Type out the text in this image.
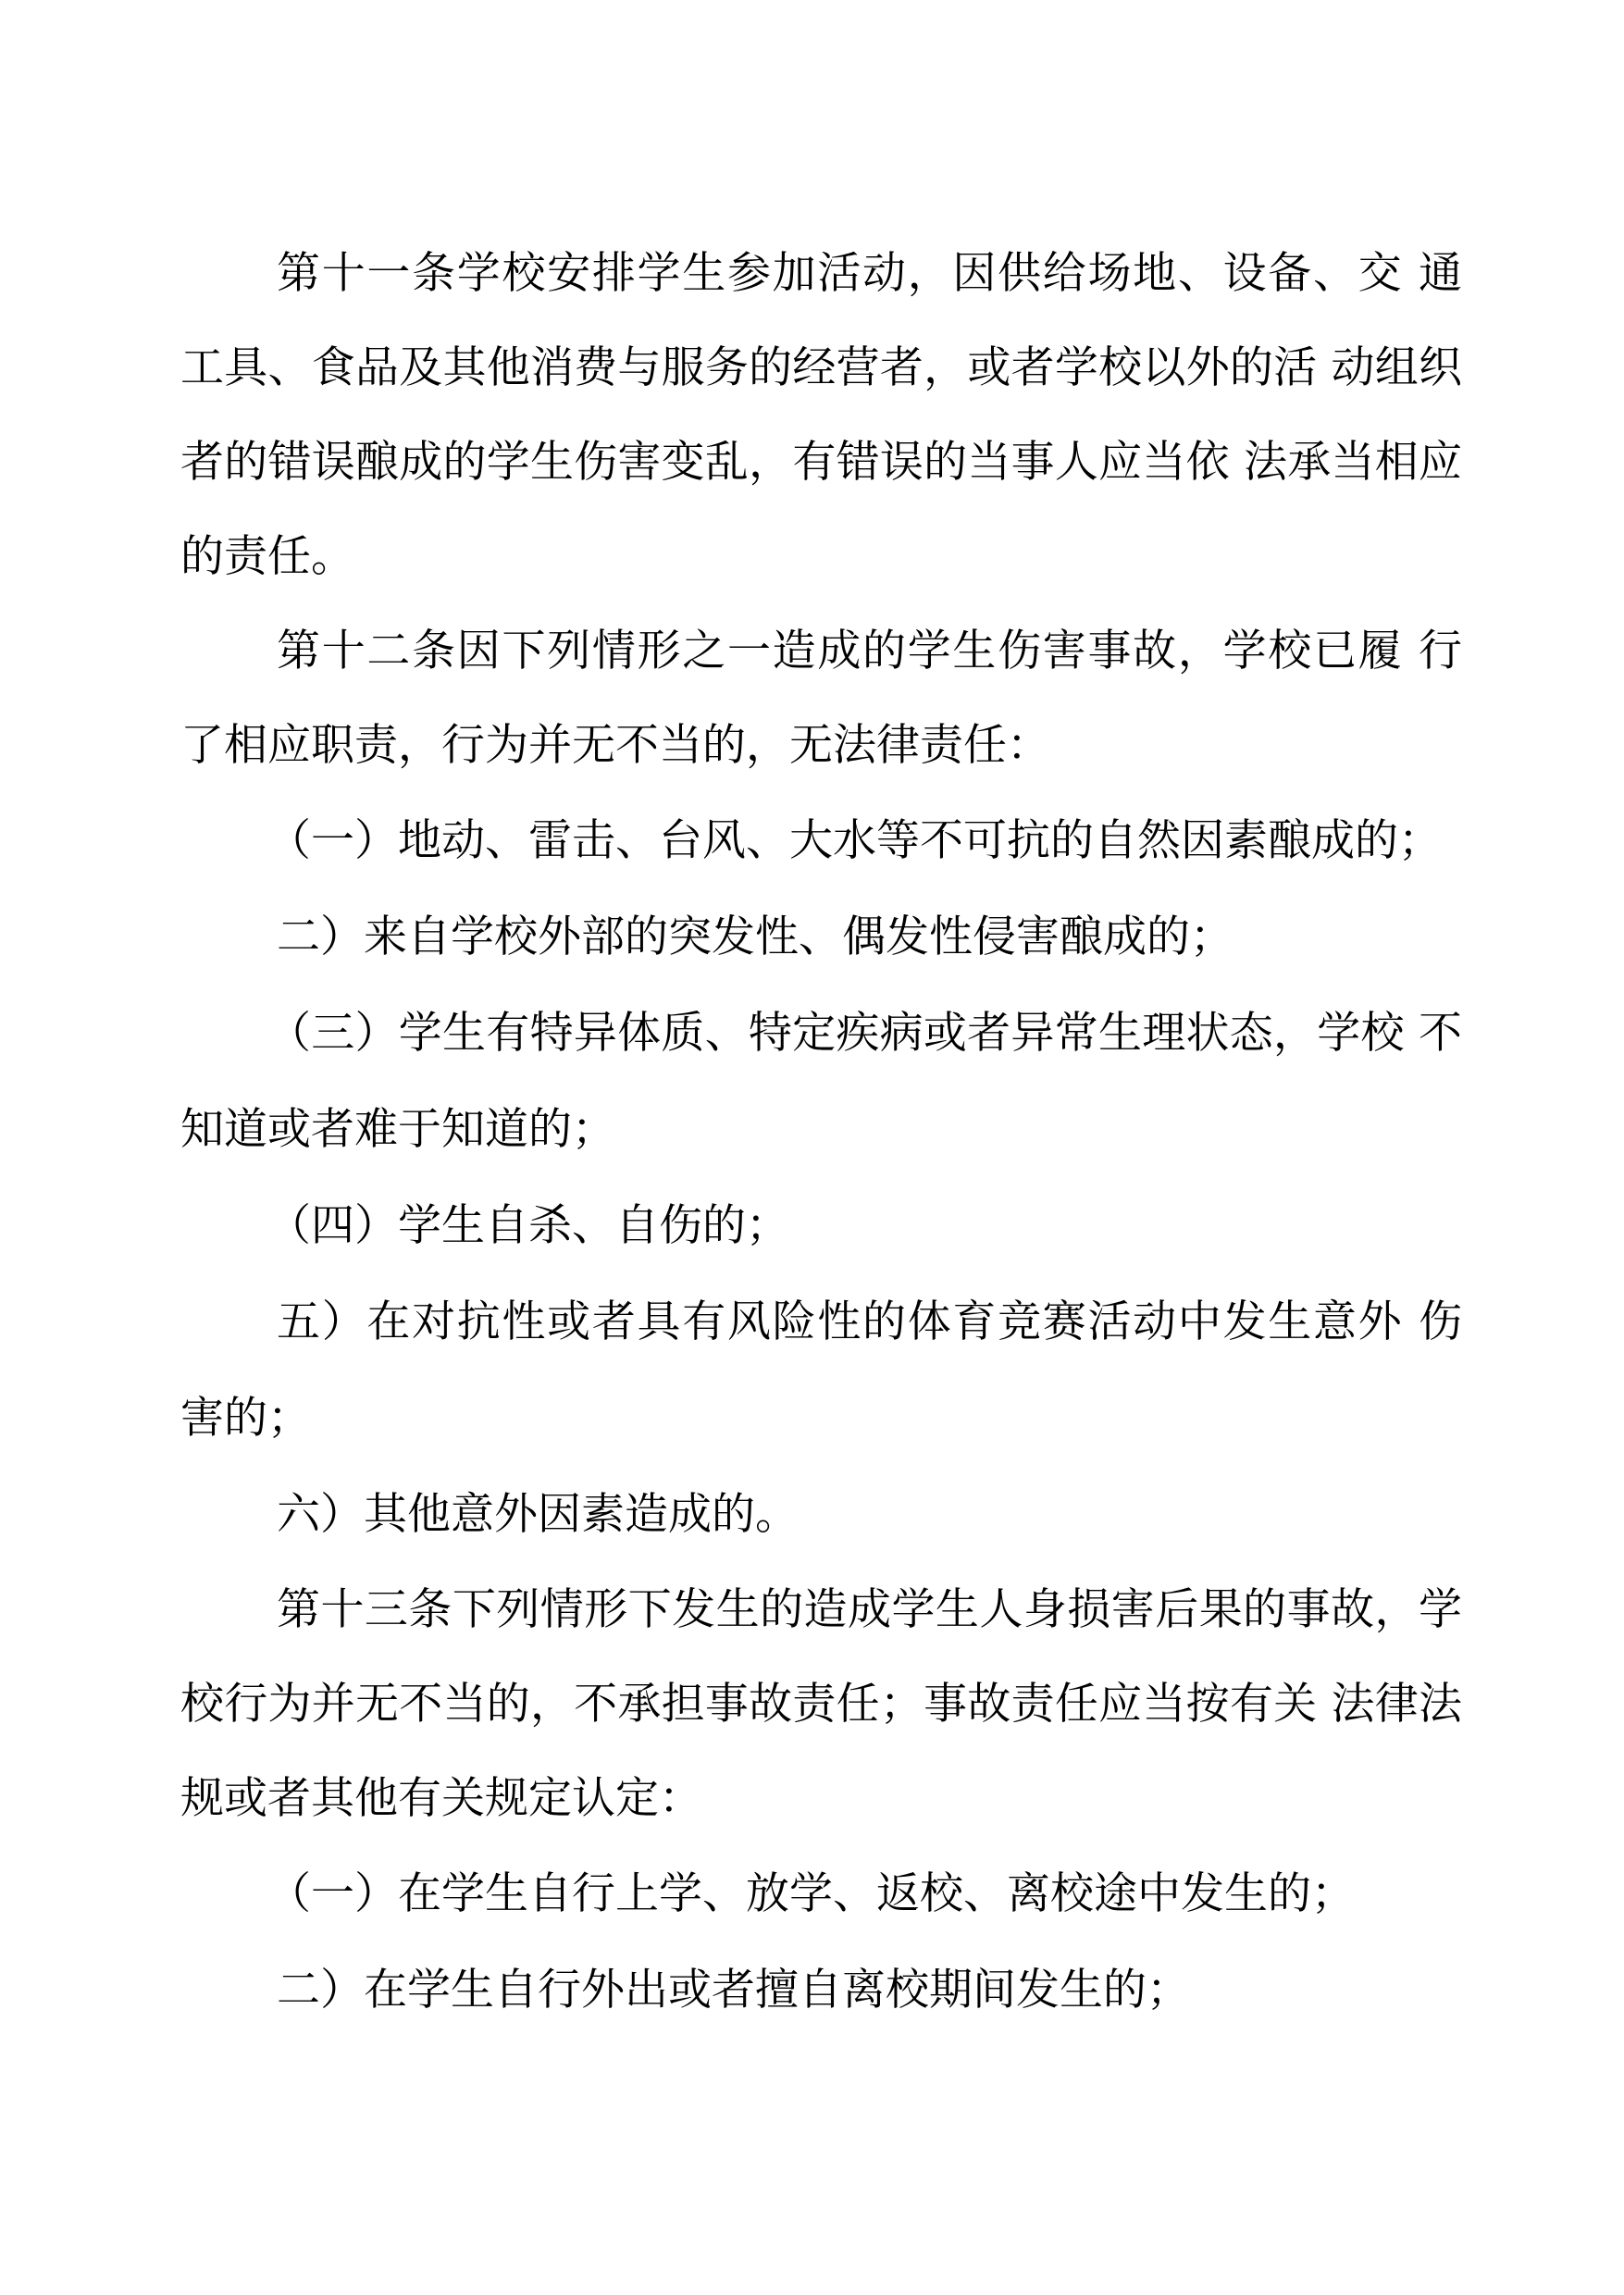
第十一条学校安排学生参加活动，因供给场地、设备、交 通工具、食品及其他消费与服务的经营者，或者学校以外的活 动组织者的错误酿成的学生伤害变乱，有错误的当事人应当依 法承当相应的责任。

第十二条因下列情形之一造成的学生伤害事故，学校已履 行了相应职责，行为并无不当的，无法律责任：

（一）地动、雷击、台风、大水等不可抗的自然因素酿成的；

二）来自学校外部的突发性、偶发性侵害酿成的；

（三）学生有特异体质、特定疾病或者异常生理状态，学校 不知道或者难于知道的；

（四）学生自杀、自伤的；

五）在对抗性或者具有风险性的体育竞赛活动中发生意外 伤害的；

六）其他意外因素造成的。

第十三条下列情形下发生的造成学生人身损害后果的事故，学校行为并无不当的，不承担事故责任；事故责任应当按有关 法律法规或者其他有关规定认定：

（一）在学生自行上学、放学、返校、离校途中发生的；

二）在学生自行外出或者擅自离校期间发生的；
